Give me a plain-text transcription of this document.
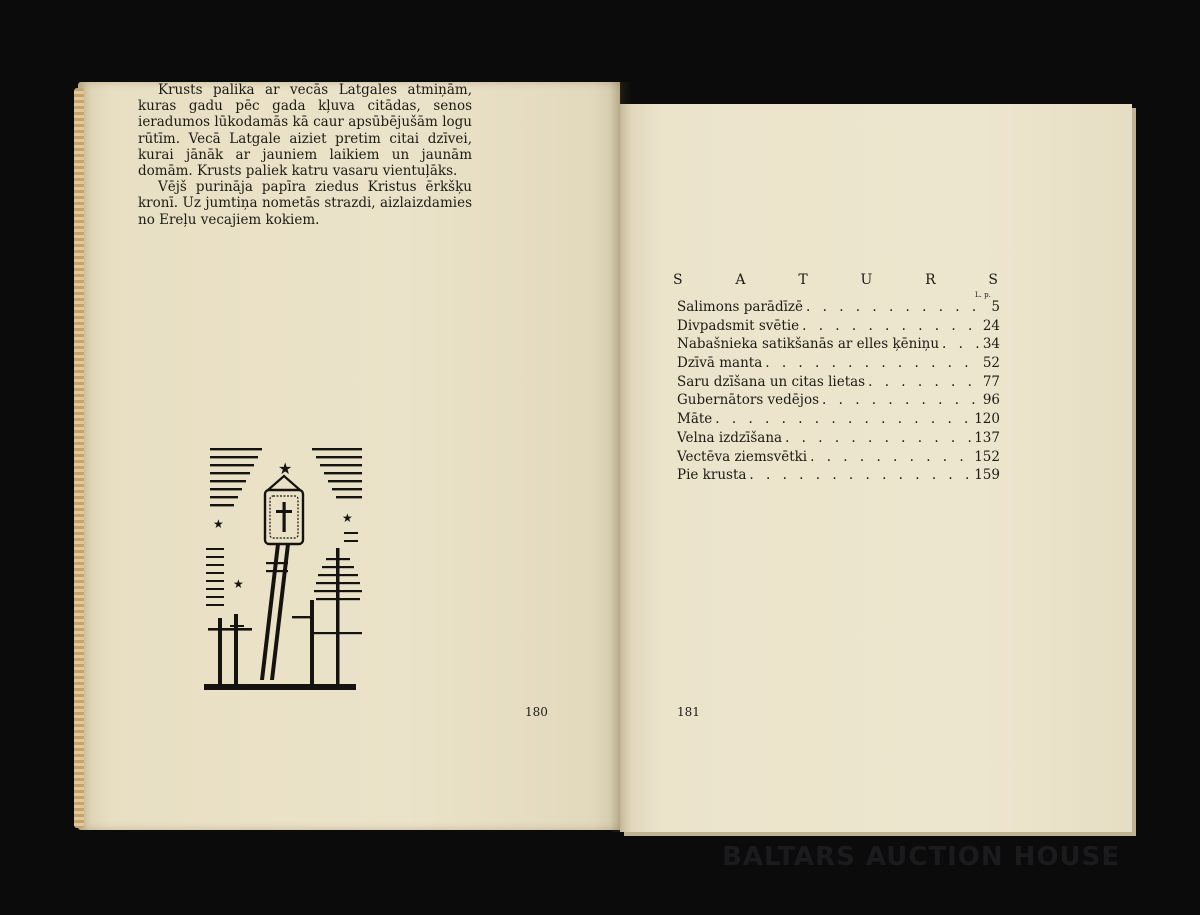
Krusts palika ar vecās Latgales atmiņām, kuras gadu pēc gada kļuva citādas, senos ieradumos lūkodamās kā caur apsūbējušām logu rūtīm. Vecā Latgale aiziet pretim citai dzīvei, kurai jānāk ar jauniem laikiem un jaunām domām. Krusts paliek katru vasaru vientuļāks.

Vējš purināja papīra ziedus Kristus ērkšķu kronī. Uz jumtiņa nometās strazdi, aizlaizdamies no Ereļu vecajiem kokiem.

★
★	★
★
180
S	A	T	U	R	S
L. p.
Salimons parādīzē . . .	5
Divpadsmit svētie . . .	24
Nabašnieka satikšanās ar elles ķēniņu . . .	34
Dzīvā manta . . .	52
Saru dzīšana un citas lietas . . .	77
Gubernātors vedējos . . .	96
Māte . . .	120
Velna izdzīšana . . .	137
Vectēva ziemsvētki . . .	152
Pie krusta . . .	159
181
BALTARS AUCTION HOUSE
